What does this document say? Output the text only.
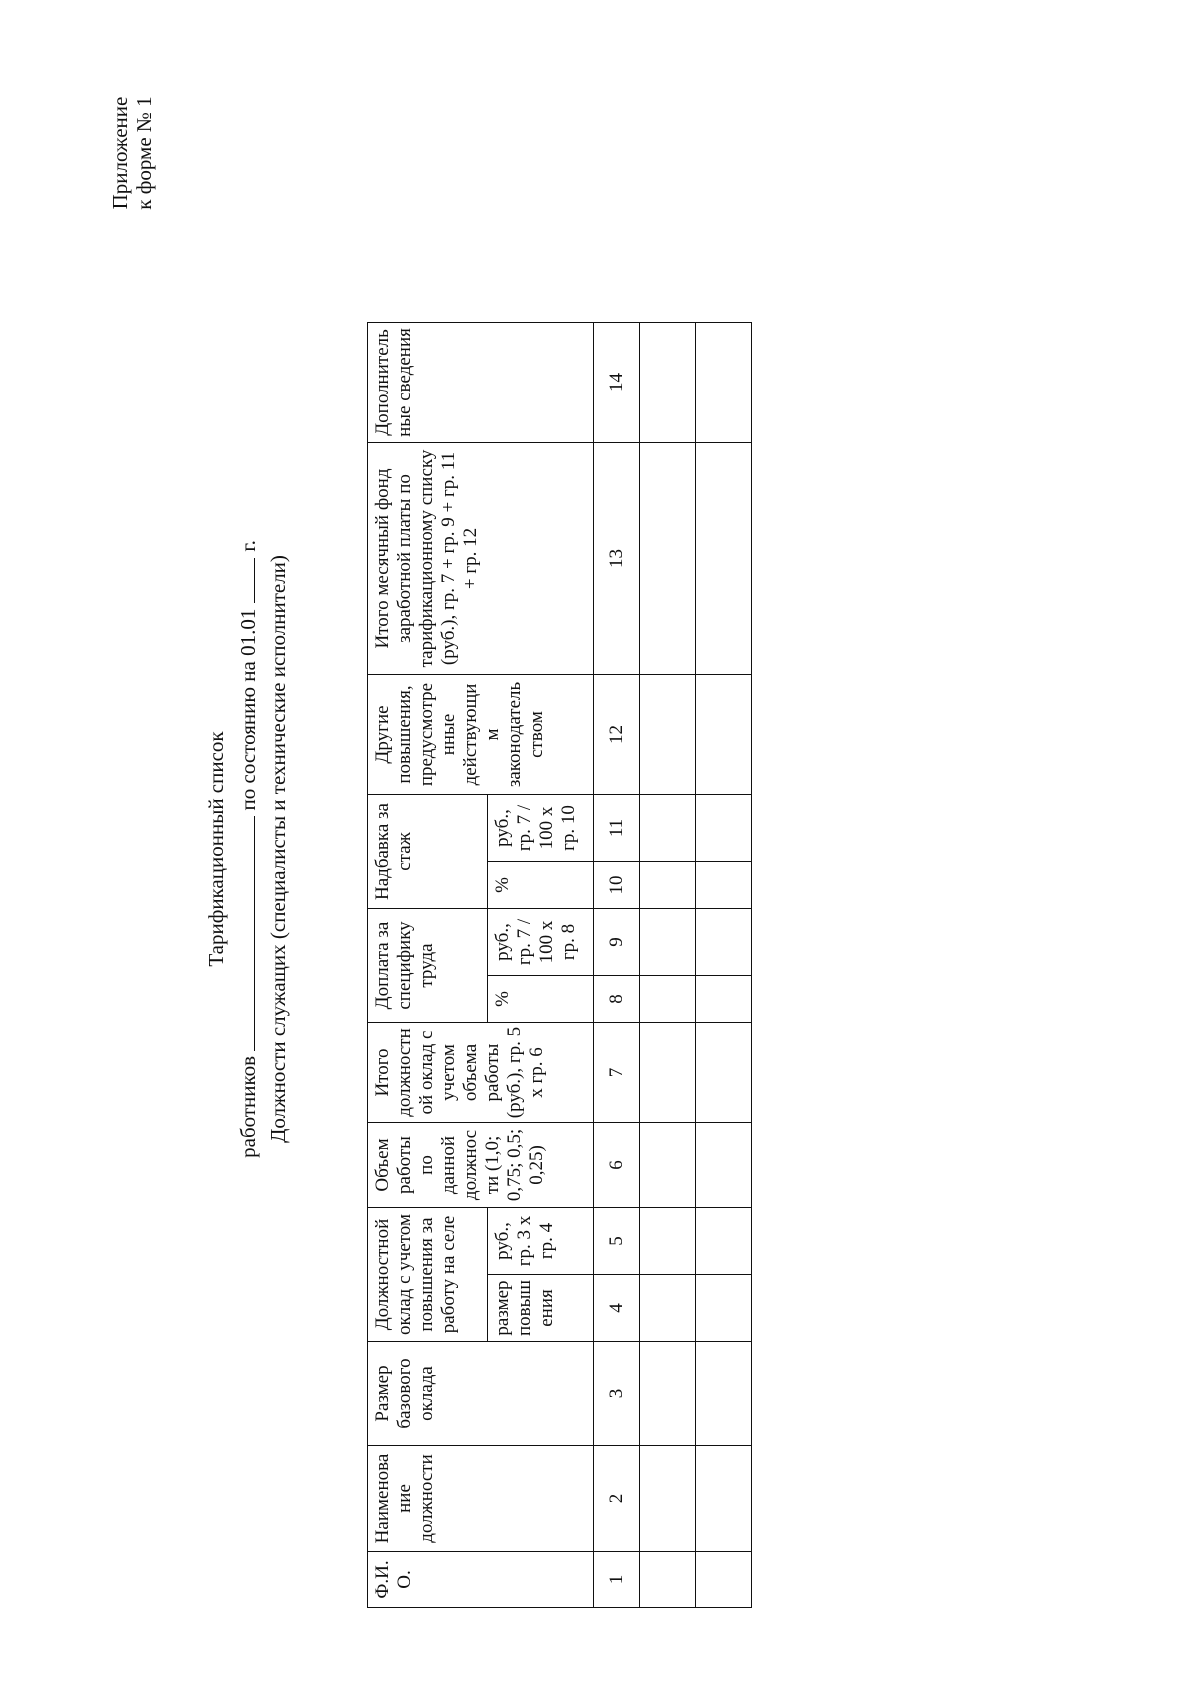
Приложение к форме № 1
Тарификационный список
работников  по состоянию на 01.01г.
Должности служащих (специалисты и технические исполнители)
Ф.И.О.	Наименование должности	Размер базового оклада	Должностной оклад с учетом повышения за работу на селе		Объем работы по данной должности (1,0; 0,75; 0,5; 0,25)	Итого должностной оклад с учетом объема работы (руб.), гр. 5 x гр. 6	Доплата за специфику труда		Надбавка за стаж		Другие повышения, предусмотренные действующим законодательством	Итого месячный фонд заработной платы по тарификационному списку (руб.), гр. 7 + гр. 9 + гр. 11 + гр. 12	Дополнительные сведения
			размер повышения	руб., гр. 3 x гр. 4			%	руб., гр. 7 / 100 x гр. 8	%	руб., гр. 7 / 100 x гр. 10			
1	2	3	4	5	6	7	8	9	10	11	12	13	14
